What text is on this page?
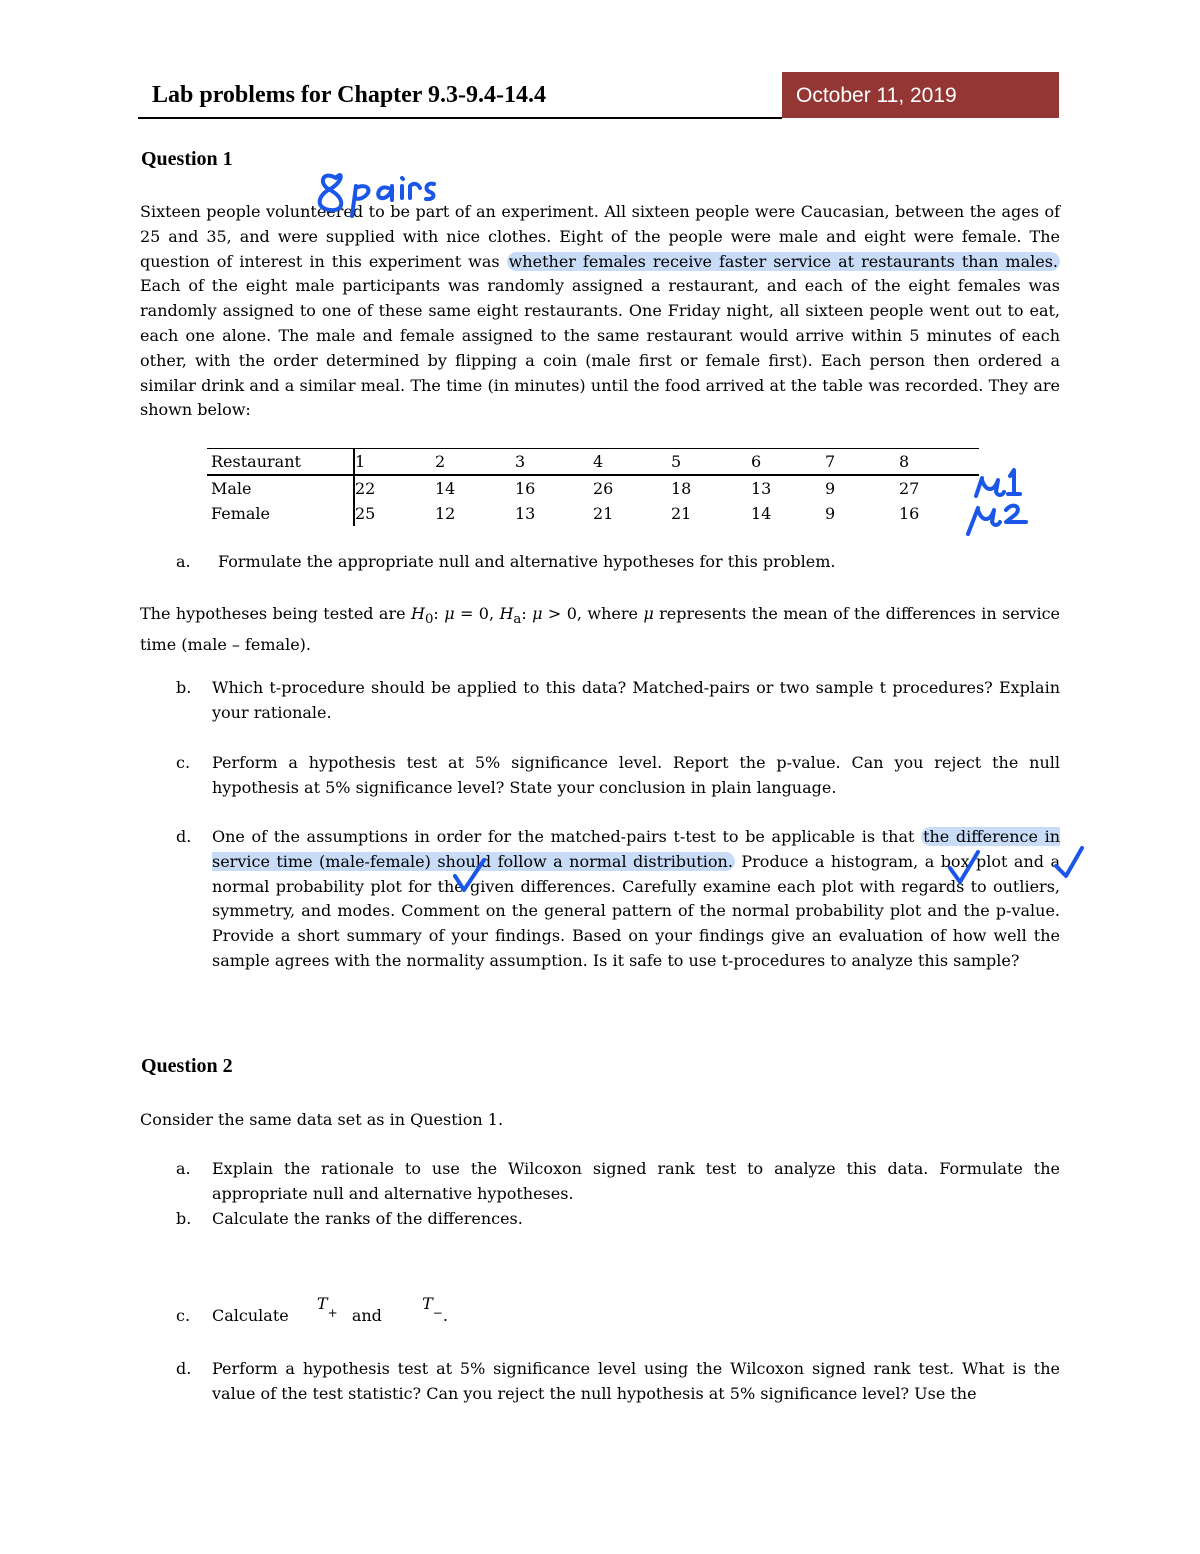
Lab problems for Chapter 9.3-9.4-14.4	October 11, 2019
Question 1

Sixteen people volunteered to be part of an experiment. All sixteen people were Caucasian, between the ages of 25 and 35, and were supplied with nice clothes. Eight of the people were male and eight were female. The question of interest in this experiment was whether females receive faster service at restaurants than males. Each of the eight male participants was randomly assigned a restaurant, and each of the eight females was randomly assigned to one of these same eight restaurants. One Friday night, all sixteen people went out to eat, each one alone. The male and female assigned to the same restaurant would arrive within 5 minutes of each other, with the order determined by flipping a coin (male first or female first). Each person then ordered a similar drink and a similar meal. The time (in minutes) until the food arrived at the table was recorded. They are shown below:

Restaurant	1	2	3	4	5	6	7	8
Male	22	14	16	26	18	13	9	27
Female	25	12	13	21	21	14	9	16
a. Formulate the appropriate null and alternative hypotheses for this problem.

The hypotheses being tested are $H_0$: μ = 0, $H_a$: μ > 0, where μ represents the mean of the differences in service time (male – female).

b. Which t-procedure should be applied to this data? Matched-pairs or two sample t procedures? Explain your rationale.
c. Perform a hypothesis test at 5% significance level. Report the p-value. Can you reject the null hypothesis at 5% significance level? State your conclusion in plain language.
d. One of the assumptions in order for the matched-pairs t-test to be applicable is that the difference in service time (male-female) should follow a normal distribution. Produce a histogram, a box plot and a normal probability plot for the given differences. Carefully examine each plot with regards to outliers, symmetry, and modes. Comment on the general pattern of the normal probability plot and the p-value. Provide a short summary of your findings. Based on your findings give an evaluation of how well the sample agrees with the normality assumption. Is it safe to use t-procedures to analyze this sample?
Question 2
Consider the same data set as in Question 1.
a. Explain the rationale to use the Wilcoxon signed rank test to analyze this data. Formulate the appropriate null and alternative hypotheses.
b. Calculate the ranks of the differences.
c. Calculate  $T_+$ and  $T_-$.
d. Perform a hypothesis test at 5% significance level using the Wilcoxon signed rank test. What is the value of the test statistic? Can you reject the null hypothesis at 5% significance level? Use the
